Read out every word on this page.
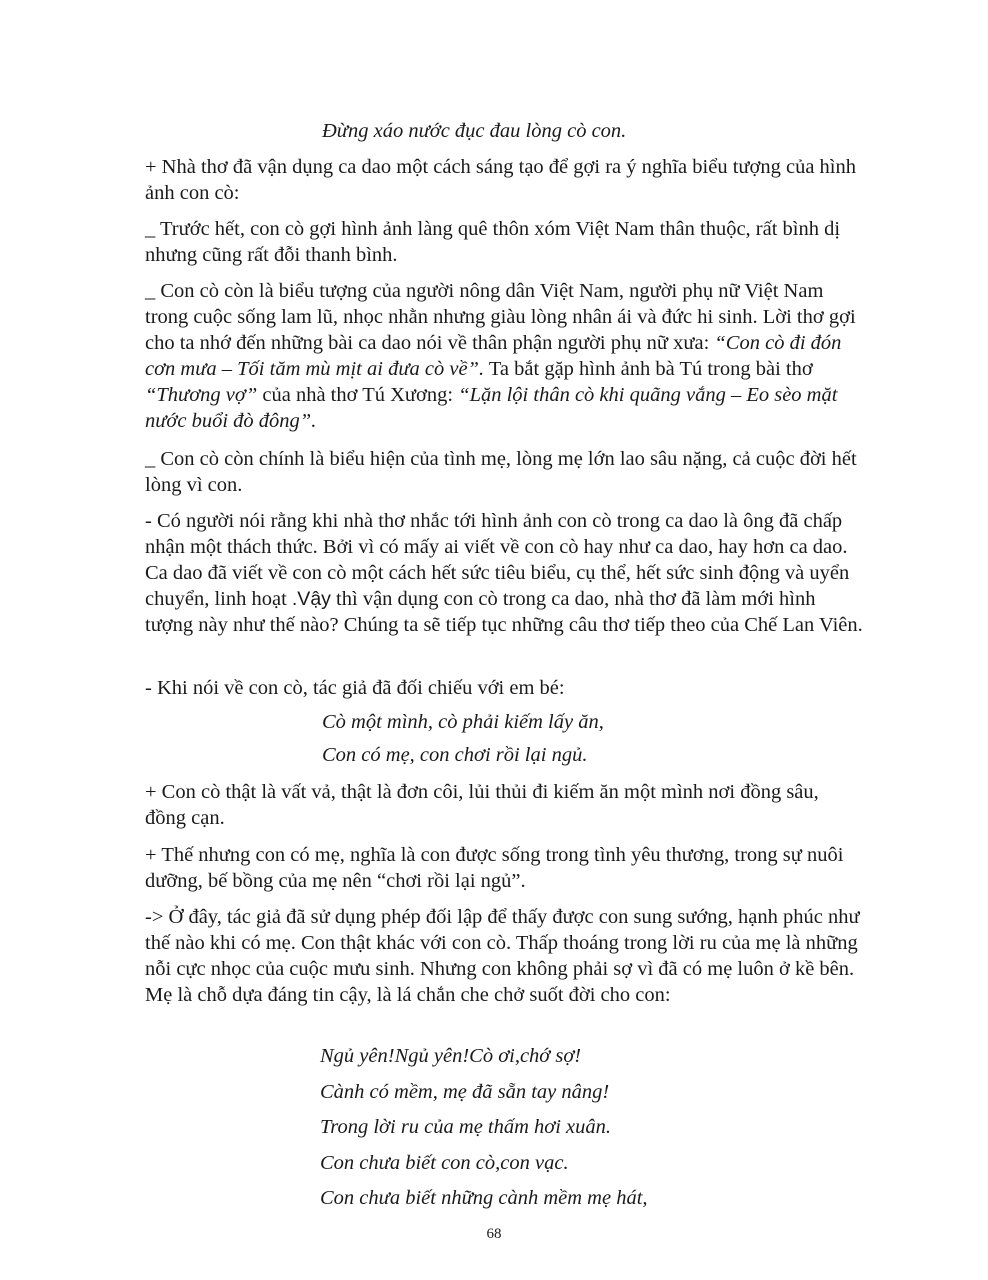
Đừng xáo nước đục đau lòng cò con.

+ Nhà thơ đã vận dụng ca dao một cách sáng tạo để gợi ra ý nghĩa biểu tượng của hình ảnh con cò:

_ Trước hết, con cò gợi hình ảnh làng quê thôn xóm Việt Nam thân thuộc, rất bình dị nhưng cũng rất đỗi thanh bình.

_ Con cò còn là biểu tượng của người nông dân Việt Nam, người phụ nữ Việt Nam trong cuộc sống lam lũ, nhọc nhằn nhưng giàu lòng nhân ái và đức hi sinh. Lời thơ gợi cho ta nhớ đến những bài ca dao nói về thân phận người phụ nữ xưa: “Con cò đi đón cơn mưa – Tối tăm mù mịt ai đưa cò về”. Ta bắt gặp hình ảnh bà Tú trong bài thơ “Thương vợ” của nhà thơ Tú Xương: “Lặn lội thân cò khi quãng vắng – Eo sèo mặt nước buổi đò đông”.

_ Con cò còn chính là biểu hiện của tình mẹ, lòng mẹ lớn lao sâu nặng, cả cuộc đời hết lòng vì con.

- Có người nói rằng khi nhà thơ nhắc tới hình ảnh con cò trong ca dao là ông đã chấp nhận một thách thức. Bởi vì có mấy ai viết về con cò hay như ca dao, hay hơn ca dao. Ca dao đã viết về con cò một cách hết sức tiêu biểu, cụ thể, hết sức sinh động và uyển chuyển, linh hoạt .Vậy thì vận dụng con cò trong ca dao, nhà thơ đã làm mới hình tượng này như thế nào? Chúng ta sẽ tiếp tục những câu thơ tiếp theo của Chế Lan Viên.

- Khi nói về con cò, tác giả đã đối chiếu với em bé:

Cò một mình, cò phải kiếm lấy ăn,
Con có mẹ, con chơi rồi lại ngủ.

+ Con cò thật là vất vả, thật là đơn côi, lủi thủi đi kiếm ăn một mình nơi đồng sâu, đồng cạn.

+ Thế nhưng con có mẹ, nghĩa là con được sống trong tình yêu thương, trong sự nuôi dưỡng, bế bồng của mẹ nên “chơi rồi lại ngủ”.

-> Ở đây, tác giả đã sử dụng phép đối lập để thấy được con sung sướng, hạnh phúc như thế nào khi có mẹ. Con thật khác với con cò. Thấp thoáng trong lời ru của mẹ là những nỗi cực nhọc của cuộc mưu sinh. Nhưng con không phải sợ vì đã có mẹ luôn ở kề bên. Mẹ là chỗ dựa đáng tin cậy, là lá chắn che chở suốt đời cho con:

Ngủ yên!Ngủ yên!Cò ơi,chớ sợ!
Cành có mềm, mẹ đã sẵn tay nâng!
Trong lời ru của mẹ thấm hơi xuân.
Con chưa biết con cò,con vạc.
Con chưa biết những cành mềm mẹ hát,
68
